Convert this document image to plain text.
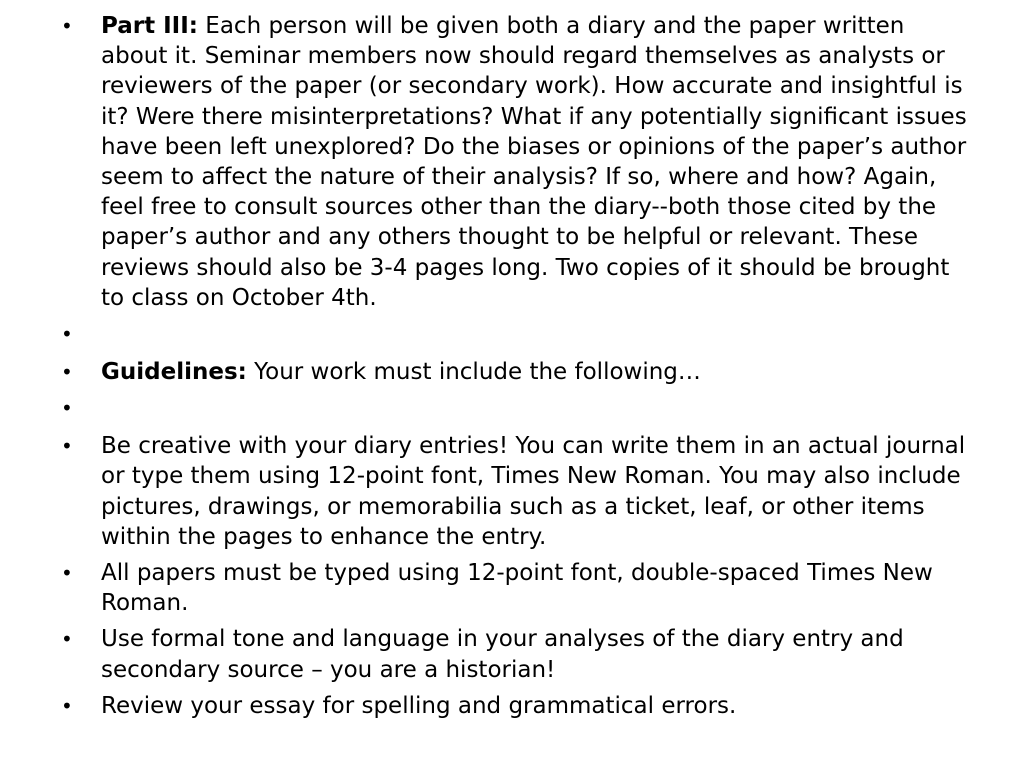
• Part III: Each person will be given both a diary and the paper written about it. Seminar members now should regard themselves as analysts or reviewers of the paper (or secondary work). How accurate and insightful is it? Were there misinterpretations? What if any potentially significant issues have been left unexplored? Do the biases or opinions of the paper’s author seem to affect the nature of their analysis? If so, where and how? Again, feel free to consult sources other than the diary--both those cited by the paper’s author and any others thought to be helpful or relevant. These reviews should also be 3-4 pages long. Two copies of it should be brought to class on October 4th.
•
• Guidelines: Your work must include the following…
•
• Be creative with your diary entries! You can write them in an actual journal or type them using 12-point font, Times New Roman. You may also include pictures, drawings, or memorabilia such as a ticket, leaf, or other items within the pages to enhance the entry.
• All papers must be typed using 12-point font, double-spaced Times New Roman.
• Use formal tone and language in your analyses of the diary entry and secondary source – you are a historian!
• Review your essay for spelling and grammatical errors.
